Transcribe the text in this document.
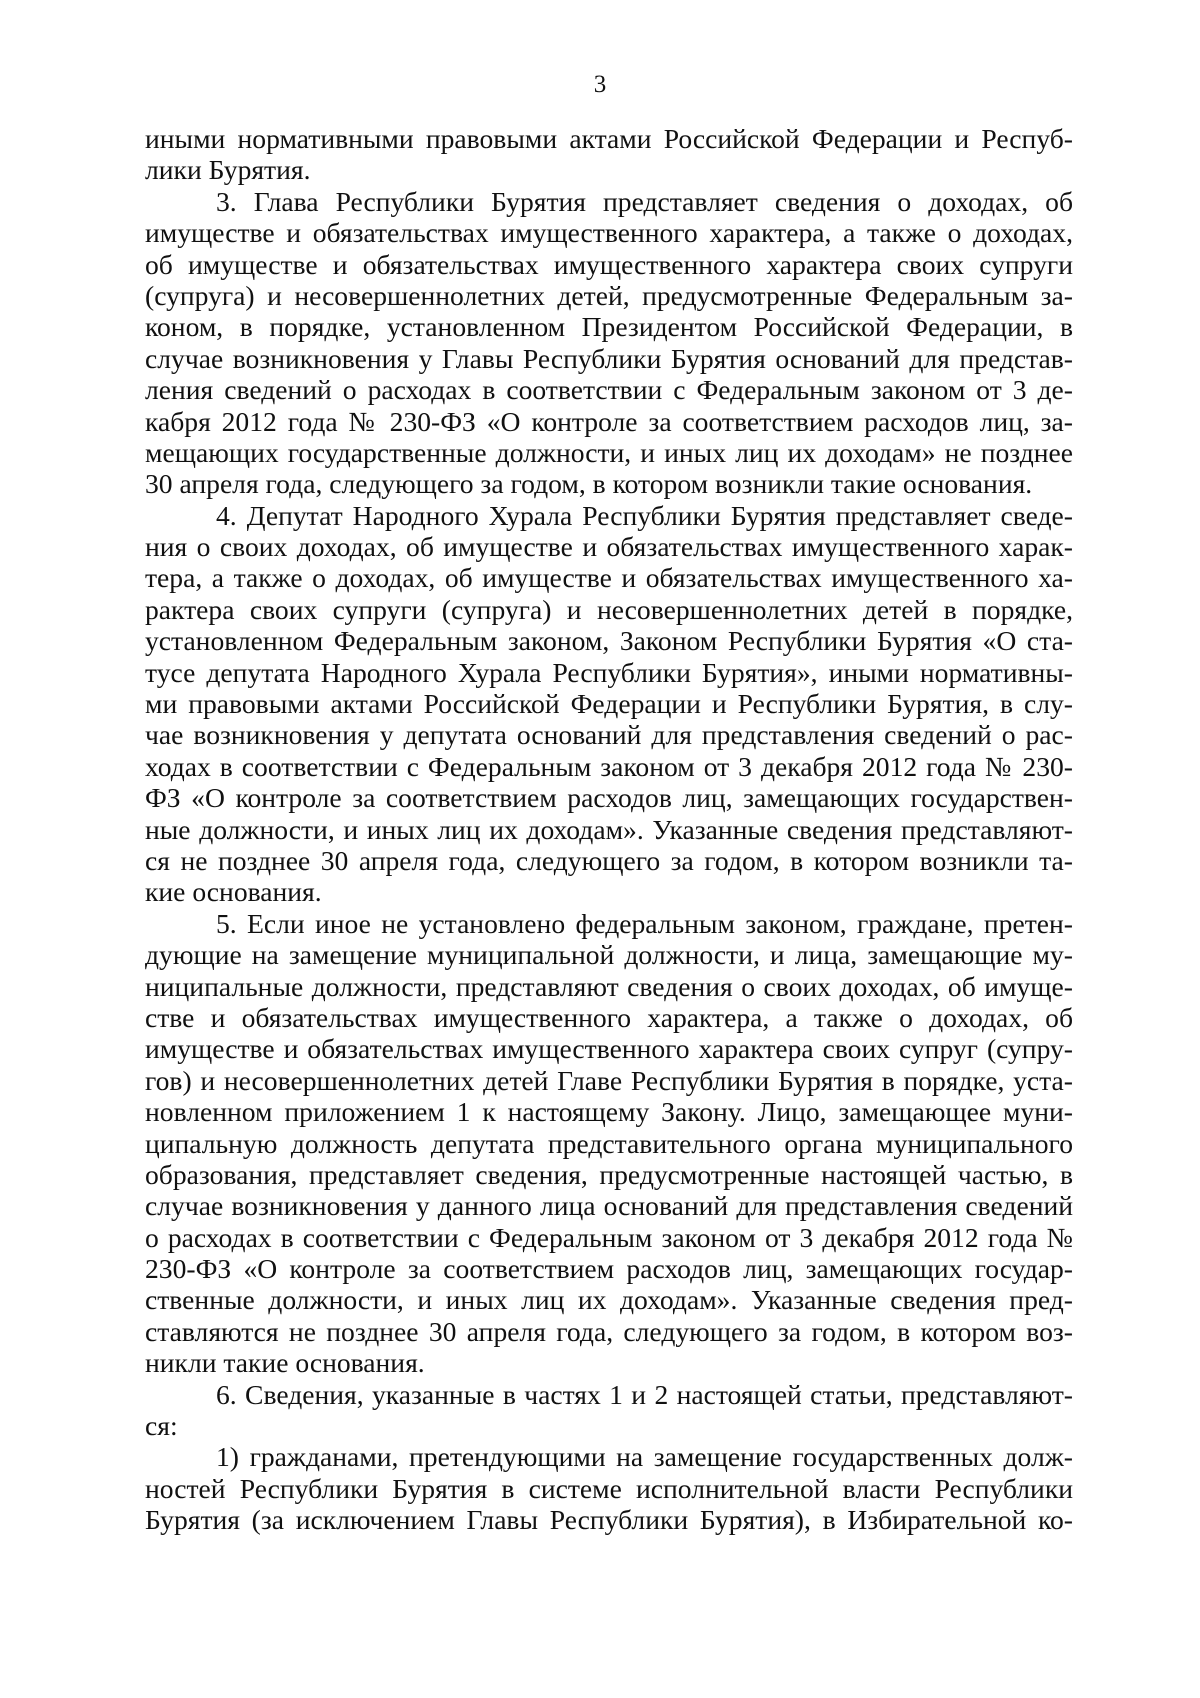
3
иными нормативными правовыми актами Российской Федерации и Респуб-
лики Бурятия.
3. Глава Республики Бурятия представляет сведения о доходах, об
имуществе и обязательствах имущественного характера, а также о доходах,
об имуществе и обязательствах имущественного характера своих супруги
(супруга) и несовершеннолетних детей, предусмотренные Федеральным за-
коном, в порядке, установленном Президентом Российской Федерации, в
случае возникновения у Главы Республики Бурятия оснований для представ-
ления сведений о расходах в соответствии с Федеральным законом от 3 де-
кабря 2012 года № 230-ФЗ «О контроле за соответствием расходов лиц, за-
мещающих государственные должности, и иных лиц их доходам» не позднее
30 апреля года, следующего за годом, в котором возникли такие основания.
4. Депутат Народного Хурала Республики Бурятия представляет сведе-
ния о своих доходах, об имуществе и обязательствах имущественного харак-
тера, а также о доходах, об имуществе и обязательствах имущественного ха-
рактера своих супруги (супруга) и несовершеннолетних детей в порядке,
установленном Федеральным законом, Законом Республики Бурятия «О ста-
тусе депутата Народного Хурала Республики Бурятия», иными нормативны-
ми правовыми актами Российской Федерации и Республики Бурятия, в слу-
чае возникновения у депутата оснований для представления сведений о рас-
ходах в соответствии с Федеральным законом от 3 декабря 2012 года № 230-
ФЗ «О контроле за соответствием расходов лиц, замещающих государствен-
ные должности, и иных лиц их доходам». Указанные сведения представляют-
ся не позднее 30 апреля года, следующего за годом, в котором возникли та-
кие основания.
5. Если иное не установлено федеральным законом, граждане, претен-
дующие на замещение муниципальной должности, и лица, замещающие му-
ниципальные должности, представляют сведения о своих доходах, об имуще-
стве и обязательствах имущественного характера, а также о доходах, об
имуществе и обязательствах имущественного характера своих супруг (супру-
гов) и несовершеннолетних детей Главе Республики Бурятия в порядке, уста-
новленном приложением 1 к настоящему Закону. Лицо, замещающее муни-
ципальную должность депутата представительного органа муниципального
образования, представляет сведения, предусмотренные настоящей частью, в
случае возникновения у данного лица оснований для представления сведений
о расходах в соответствии с Федеральным законом от 3 декабря 2012 года №
230-ФЗ «О контроле за соответствием расходов лиц, замещающих государ-
ственные должности, и иных лиц их доходам». Указанные сведения пред-
ставляются не позднее 30 апреля года, следующего за годом, в котором воз-
никли такие основания.
6. Сведения, указанные в частях 1 и 2 настоящей статьи, представляют-
ся:
1) гражданами, претендующими на замещение государственных долж-
ностей Республики Бурятия в системе исполнительной власти Республики
Бурятия (за исключением Главы Республики Бурятия), в Избирательной ко-
